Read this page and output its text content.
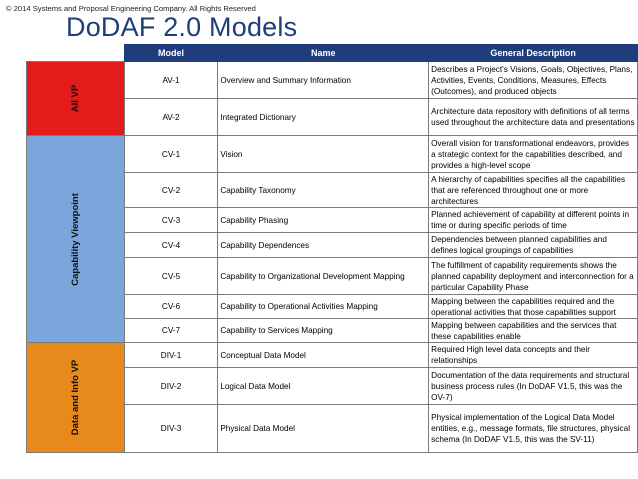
© 2014 Systems and Proposal Engineering Company. All Rights Reserved
DoDAF 2.0 Models
	Model	Name	General Description
All VP	AV-1	Overview and Summary Information	Describes a Project's Visions, Goals, Objectives, Plans, Activities, Events, Conditions, Measures, Effects (Outcomes), and produced objects
	AV-2	Integrated Dictionary	Architecture data repository with definitions of all terms used throughout the architecture data and presentations
Capability Viewpoint	CV-1	Vision	Overall vision for transformational endeavors, provides a strategic context for the capabilities described, and provides a high-level scope
	CV-2	Capability Taxonomy	A hierarchy of capabilities specifies all the capabilities that are referenced throughout one or more architectures
	CV-3	Capability Phasing	Planned achievement of capability at different points in time or during specific periods of time
	CV-4	Capability Dependences	Dependencies between planned capabilities and defines logical groupings of capabilities
	CV-5	Capability to Organizational Development Mapping	The fulfillment of capability requirements shows the planned capability deployment and interconnection for a particular Capability Phase
	CV-6	Capability to Operational Activities Mapping	Mapping between the capabilities required and the operational activities that those capabilities support
	CV-7	Capability to Services Mapping	Mapping between capabilities and the services that these capabilities enable
Data and Info VP	DIV-1	Conceptual Data Model	Required High level data concepts and their relationships
	DIV-2	Logical Data Model	Documentation of the data requirements and structural business process rules (In DoDAF V1.5, this was the OV-7)
	DIV-3	Physical Data Model	Physical implementation of the Logical Data Model entities, e.g., message formats, file structures, physical schema (In DoDAF V1.5, this was the SV-11)
